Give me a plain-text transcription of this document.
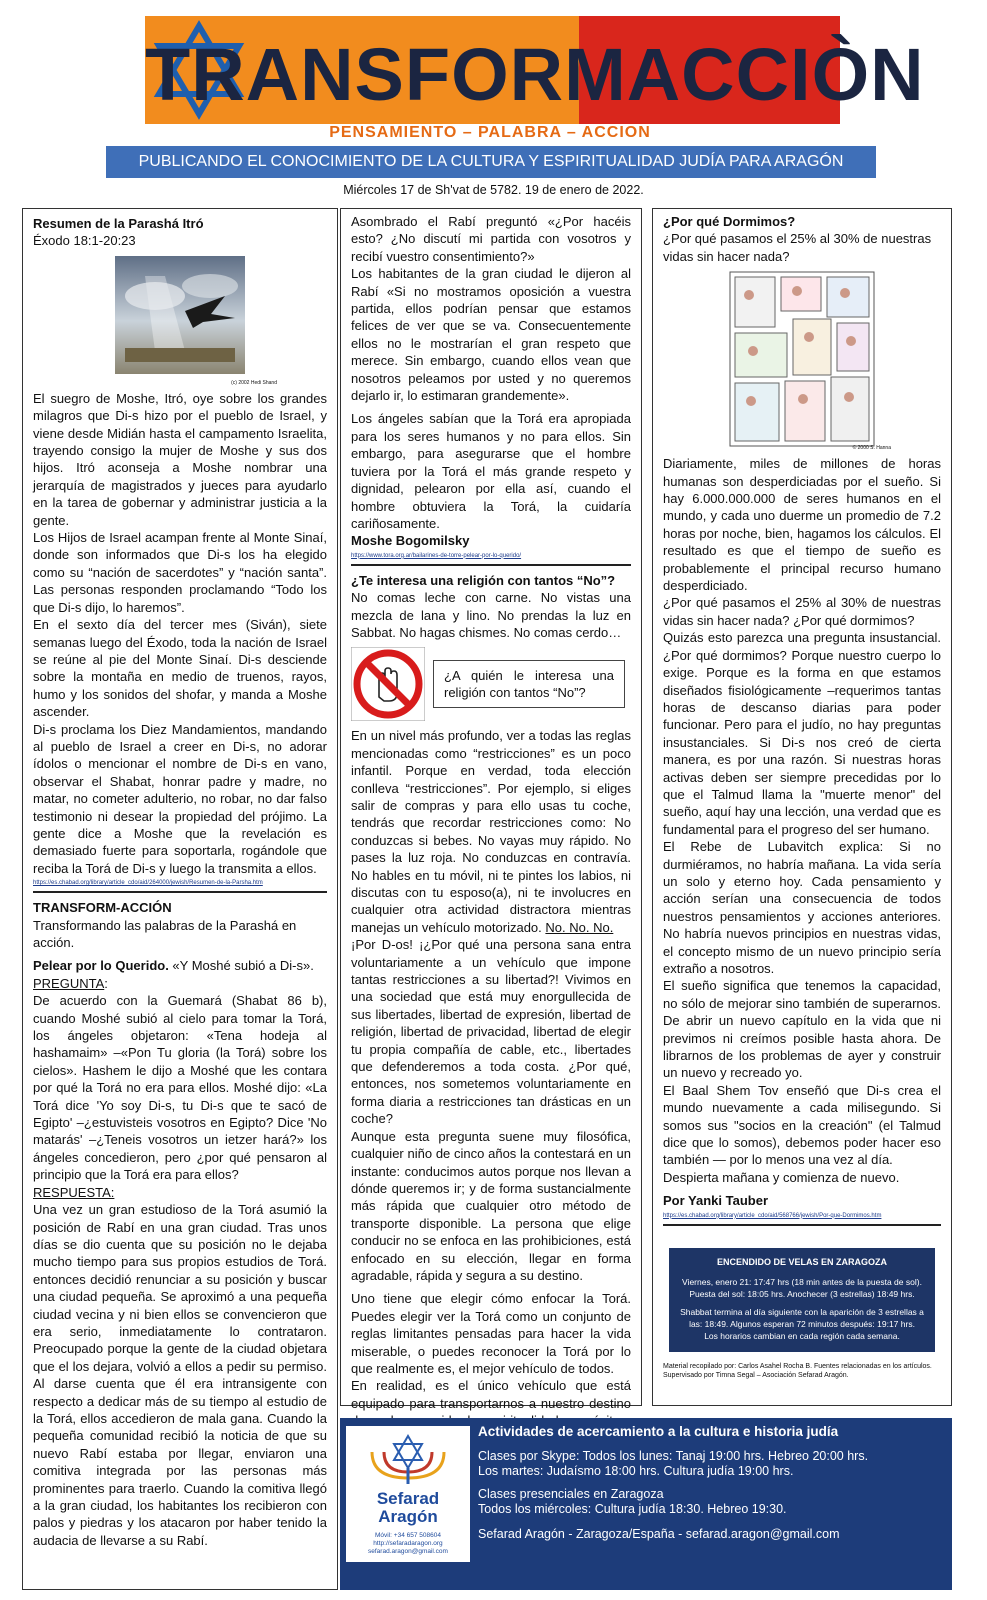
TRANSFORMACCIÒN
PENSAMIENTO – PALABRA – ACCION
PUBLICANDO EL CONOCIMIENTO DE LA CULTURA Y ESPIRITUALIDAD JUDÍA PARA ARAGÓN
Miércoles 17 de Sh'vat de 5782. 19 de enero de 2022.

Resumen de la Parashá Itró

Éxodo 18:1-20:23

(c) 2002 Hedi Shand

El suegro de Moshe, Itró, oye sobre los grandes milagros que Di-s hizo por el pueblo de Israel, y viene desde Midián hasta el campamento Israelita, trayendo consigo la mujer de Moshe y sus dos hijos. Itró aconseja a Moshe nombrar una jerarquía de magistrados y jueces para ayudarlo en la tarea de gobernar y administrar justicia a la gente.

Los Hijos de Israel acampan frente al Monte Sinaí, donde son informados que Di-s los ha elegido como su “nación de sacerdotes” y “nación santa”. Las personas responden proclamando “Todo los que Di-s dijo, lo haremos”.

En el sexto día del tercer mes (Siván), siete semanas luego del Éxodo, toda la nación de Israel se reúne al pie del Monte Sinaí. Di-s desciende sobre la montaña en medio de truenos, rayos, humo y los sonidos del shofar, y manda a Moshe ascender.

Di-s proclama los Diez Mandamientos, mandando al pueblo de Israel a creer en Di-s, no adorar ídolos o mencionar el nombre de Di-s en vano, observar el Shabat, honrar padre y madre, no matar, no cometer adulterio, no robar, no dar falso testimonio ni desear la propiedad del prójimo. La gente dice a Moshe que la revelación es demasiado fuerte para soportarla, rogándole que reciba la Torá de Di-s y luego la transmita a ellos.

https://es.chabad.org/library/article_cdo/aid/264000/jewish/Resumen-de-la-Parsha.htm

TRANSFORM-ACCIÓN

Transformando las palabras de la Parashá en acción.

Pelear por lo Querido. «Y Moshé subió a Di-s».

PREGUNTA:

De acuerdo con la Guemará (Shabat 86 b), cuando Moshé subió al cielo para tomar la Torá, los ángeles objetaron: «Tena hodeja al hashamaim» –«Pon Tu gloria (la Torá) sobre los cielos». Hashem le dijo a Moshé que les contara por qué la Torá no era para ellos. Moshé dijo: «La Torá dice 'Yo soy Di-s, tu Di-s que te sacó de Egipto' –¿estuvisteis vosotros en Egipto? Dice 'No matarás' –¿Teneis vosotros un ietzer hará?» los ángeles concedieron, pero ¿por qué pensaron al principio que la Torá era para ellos?

RESPUESTA:

Una vez un gran estudioso de la Torá asumió la posición de Rabí en una gran ciudad. Tras unos días se dio cuenta que su posición no le dejaba mucho tiempo para sus propios estudios de Torá. entonces decidió renunciar a su posición y buscar una ciudad pequeña. Se aproximó a una pequeña ciudad vecina y ni bien ellos se convencieron que era serio, inmediatamente lo contrataron. Preocupado porque la gente de la ciudad objetara que el los dejara, volvió a ellos a pedir su permiso. Al darse cuenta que él era intransigente con respecto a dedicar más de su tiempo al estudio de la Torá, ellos accedieron de mala gana. Cuando la pequeña comunidad recibió la noticia de que su nuevo Rabí estaba por llegar, enviaron una comitiva integrada por las personas más prominentes para traerlo. Cuando la comitiva llegó a la gran ciudad, los habitantes los recibieron con palos y piedras y los atacaron por haber tenido la audacia de llevarse a su Rabí.

Asombrado el Rabí preguntó «¿Por hacéis esto? ¿No discutí mi partida con vosotros y recibí vuestro consentimiento?»

Los habitantes de la gran ciudad le dijeron al Rabí «Si no mostramos oposición a vuestra partida, ellos podrían pensar que estamos felices de ver que se va. Consecuentemente ellos no le mostrarían el gran respeto que merece. Sin embargo, cuando ellos vean que nosotros peleamos por usted y no queremos dejarlo ir, lo estimaran grandemente».

Los ángeles sabían que la Torá era apropiada para los seres humanos y no para ellos. Sin embargo, para asegurarse que el hombre tuviera por la Torá el más grande respeto y dignidad, pelearon por ella así, cuando el hombre obtuviera la Torá, la cuidaría cariñosamente.

Moshe Bogomilsky

https://www.tora.org.ar/bailarines-de-torre-pelear-por-lo-querido/

¿Te interesa una religión con tantos “No”?

No comas leche con carne. No vistas una mezcla de lana y lino. No prendas la luz en Sabbat. No hagas chismes. No comas cerdo…

¿A quién le interesa una religión con tantos “No”?

En un nivel más profundo, ver a todas las reglas mencionadas como “restricciones” es un poco infantil. Porque en verdad, toda elección conlleva “restricciones”. Por ejemplo, si eliges salir de compras y para ello usas tu coche, tendrás que recordar restricciones como: No conduzcas si bebes. No vayas muy rápido. No pases la luz roja. No conduzcas en contravía. No hables en tu móvil, ni te pintes los labios, ni discutas con tu esposo(a), ni te involucres en cualquier otra actividad distractora mientras manejas un vehículo motorizado. No. No. No.

¡Por D-os! ¡¿Por qué una persona sana entra voluntariamente a un vehículo que impone tantas restricciones a su libertad?! Vivimos en una sociedad que está muy enorgullecida de sus libertades, libertad de expresión, libertad de religión, libertad de privacidad, libertad de elegir tu propia compañía de cable, etc., libertades que defenderemos a toda costa. ¿Por qué, entonces, nos sometemos voluntariamente en forma diaria a restricciones tan drásticas en un coche?

Aunque esta pregunta suene muy filosófica, cualquier niño de cinco años la contestará en un instante: conducimos autos porque nos llevan a dónde queremos ir; y de forma sustancialmente más rápida que cualquier otro método de transporte disponible. La persona que elige conducir no se enfoca en las prohibiciones, está enfocado en su elección, llegar en forma agradable, rápida y segura a su destino.

Uno tiene que elegir cómo enfocar la Torá. Puedes elegir ver la Torá como un conjunto de reglas limitantes pensadas para hacer la vida miserable, o puedes reconocer la Torá por lo que realmente es, el mejor vehículo de todos.

En realidad, es el único vehículo que está equipado para transportarnos a nuestro destino

¿Por qué Dormimos?

¿Por qué pasamos el 25% al 30% de nuestras vidas sin hacer nada?

© 2000 S. Hanna

Diariamente, miles de millones de horas humanas son desperdiciadas por el sueño. Si hay 6.000.000.000 de seres humanos en el mundo, y cada uno duerme un promedio de 7.2 horas por noche, bien, hagamos los cálculos. El resultado es que el tiempo de sueño es probablemente el principal recurso humano desperdiciado.

¿Por qué pasamos el 25% al 30% de nuestras vidas sin hacer nada? ¿Por qué dormimos?

Quizás esto parezca una pregunta insustancial. ¿Por qué dormimos? Porque nuestro cuerpo lo exige. Porque es la forma en que estamos diseñados fisiológicamente –requerimos tantas horas de descanso diarias para poder funcionar. Pero para el judío, no hay preguntas insustanciales. Si Di-s nos creó de cierta manera, es por una razón. Si nuestras horas activas deben ser siempre precedidas por lo que el Talmud llama la "muerte menor" del sueño, aquí hay una lección, una verdad que es fundamental para el progreso del ser humano.

El Rebe de Lubavitch explica: Si no durmiéramos, no habría mañana. La vida sería un solo y eterno hoy. Cada pensamiento y acción serían una consecuencia de todos nuestros pensamientos y acciones anteriores. No habría nuevos principios en nuestras vidas, el concepto mismo de un nuevo principio sería extraño a nosotros.

El sueño significa que tenemos la capacidad, no sólo de mejorar sino también de superarnos. De abrir un nuevo capítulo en la vida que ni previmos ni creímos posible hasta ahora. De librarnos de los problemas de ayer y construir un nuevo y recreado yo.

El Baal Shem Tov enseñó que Di-s crea el mundo nuevamente a cada milisegundo. Si somos sus "socios en la creación" (el Talmud dice que lo somos), debemos poder hacer eso también — por lo menos una vez al día.

Despierta mañana y comienza de nuevo.

Por Yanki Tauber

https://es.chabad.org/library/article_cdo/aid/568766/jewish/Por-que-Dormimos.htm
ENCENDIDO DE VELAS EN ZARAGOZA
Viernes, enero 21: 17:47 hrs (18 min antes de la puesta de sol).
Puesta del sol: 18:05 hrs. Anochecer (3 estrellas) 18:49 hrs.
Shabbat termina al día siguiente con la aparición de 3 estrellas a las: 18:49. Algunos esperan 72 minutos después: 19:17 hrs.
Los horarios cambian en cada región cada semana.
Material recopilado por: Carlos Asahel Rocha B. Fuentes relacionadas en los artículos. Supervisado por Timna Segal – Asociación Sefarad Aragón.
Sefarad
Aragón
Móvil: +34 657 508604
http://sefaradaragon.org
sefarad.aragon@gmail.com
Actividades de acercamiento a la cultura e historia judía
Clases por Skype: Todos los lunes: Tanaj 19:00 hrs. Hebreo 20:00 hrs.
Los martes: Judaísmo 18:00 hrs. Cultura judía 19:00 hrs.
Clases presenciales en Zaragoza
Todos los miércoles: Cultura judía 18:30. Hebreo 19:30.
Sefarad Aragón - Zaragoza/España - sefarad.aragon@gmail.com
